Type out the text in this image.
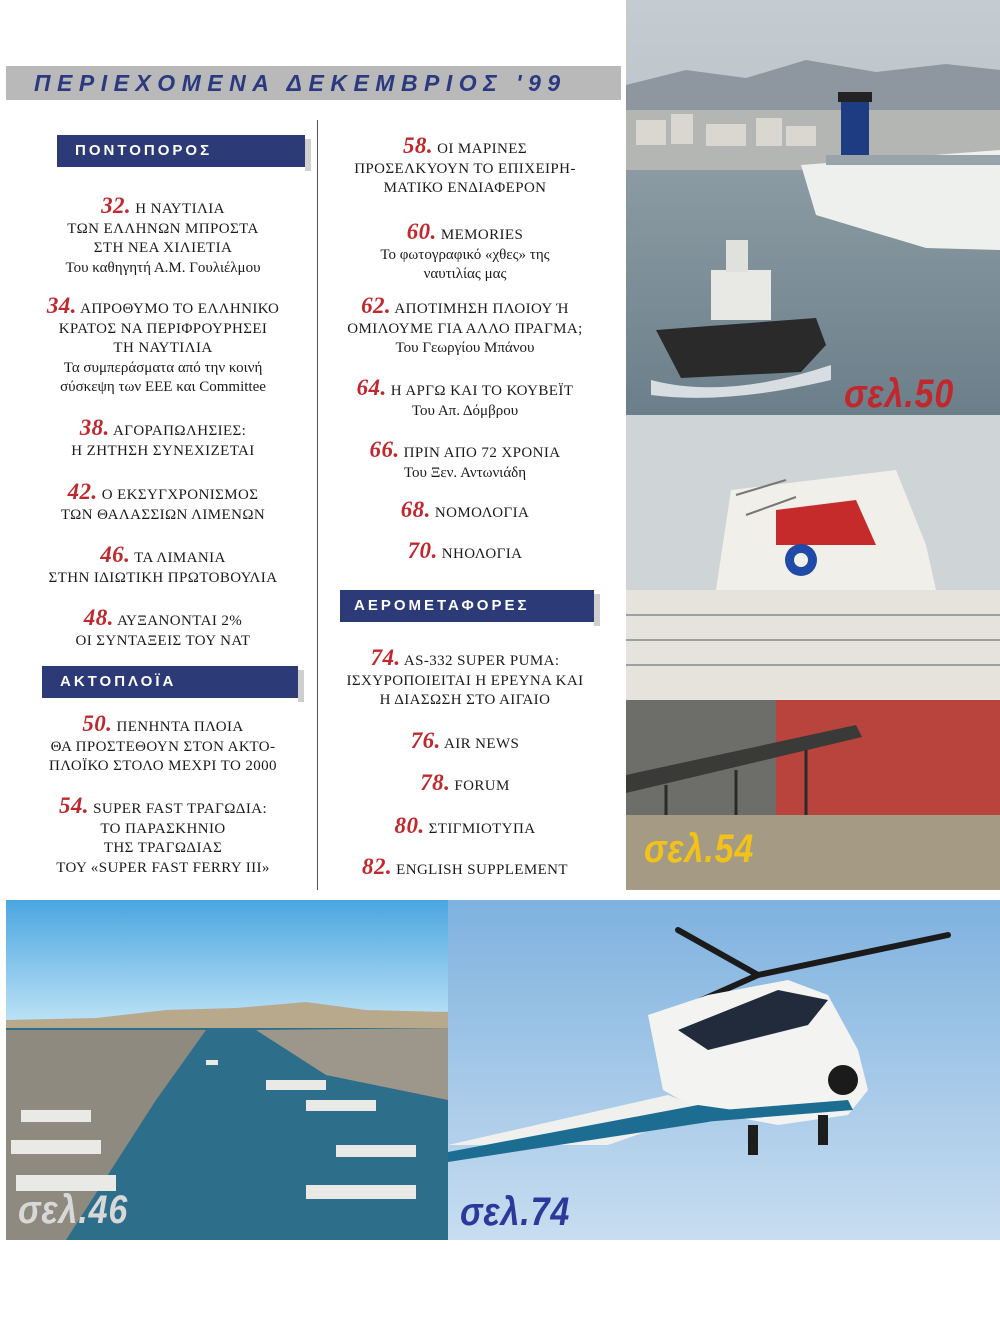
ΠΕΡΙΕΧΟΜΕΝΑ ΔΕΚΕΜΒΡΙΟΣ '99
ΠΟΝΤΟΠΟΡΟΣ
ΑΚΤΟΠΛΟΪΑ
ΑΕΡΟΜΕΤΑΦΟΡΕΣ
32. Η ΝΑΥΤΙΛΙΑ
ΤΩΝ ΕΛΛΗΝΩΝ ΜΠΡΟΣΤΑ
ΣΤΗ ΝΕΑ ΧΙΛΙΕΤΙΑ
Του καθηγητή Α.Μ. Γουλιέλμου
34. ΑΠΡΟΘΥΜΟ ΤΟ ΕΛΛΗΝΙΚΟ
ΚΡΑΤΟΣ ΝΑ ΠΕΡΙΦΡΟΥΡΗΣΕΙ
ΤΗ ΝΑΥΤΙΛΙΑ
Τα συμπεράσματα από την κοινή
σύσκεψη των ΕΕΕ και Committee
38. ΑΓΟΡΑΠΩΛΗΣΙΕΣ:
Η ΖΗΤΗΣΗ ΣΥΝΕΧΙΖΕΤΑΙ
42. Ο ΕΚΣΥΓΧΡΟΝΙΣΜΟΣ
ΤΩΝ ΘΑΛΑΣΣΙΩΝ ΛΙΜΕΝΩΝ
46. ΤΑ ΛΙΜΑΝΙΑ
ΣΤΗΝ ΙΔΙΩΤΙΚΗ ΠΡΩΤΟΒΟΥΛΙΑ
48. ΑΥΞΑΝΟΝΤΑΙ 2%
ΟΙ ΣΥΝΤΑΞΕΙΣ ΤΟΥ ΝΑΤ
50. ΠΕΝΗΝΤΑ ΠΛΟΙΑ
ΘΑ ΠΡΟΣΤΕΘΟΥΝ ΣΤΟΝ ΑΚΤΟ-
ΠΛΟΪΚΟ ΣΤΟΛΟ ΜΕΧΡΙ ΤΟ 2000
54. SUPER FAST ΤΡΑΓΩΔΙΑ:
ΤΟ ΠΑΡΑΣΚΗΝΙΟ
ΤΗΣ ΤΡΑΓΩΔΙΑΣ
ΤΟΥ «SUPER FAST FERRY III»
58. ΟΙ ΜΑΡΙΝΕΣ
ΠΡΟΣΕΛΚΥΟΥΝ ΤΟ ΕΠΙΧΕΙΡΗ-
ΜΑΤΙΚΟ ΕΝΔΙΑΦΕΡΟΝ
60. MEMORIES
Το φωτογραφικό «χθες» της
ναυτιλίας μας
62. ΑΠΟΤΙΜΗΣΗ ΠΛΟΙΟΥ Ή
ΟΜΙΛΟΥΜΕ ΓΙΑ ΑΛΛΟ ΠΡΑΓΜΑ;
Του Γεωργίου Μπάνου
64. Η ΑΡΓΩ ΚΑΙ ΤΟ ΚΟΥΒΕΪΤ
Του Απ. Δόμβρου
66. ΠΡΙΝ ΑΠΟ 72 ΧΡΟΝΙΑ
Του Ξεν. Αντωνιάδη
68. ΝΟΜΟΛΟΓΙΑ
70. ΝΗΟΛΟΓΙΑ
74. AS-332 SUPER PUMA:
ΙΣΧΥΡΟΠΟΙΕΙΤΑΙ Η ΕΡΕΥΝΑ ΚΑΙ
Η ΔΙΑΣΩΣΗ ΣΤΟ ΑΙΓΑΙΟ
76. AIR NEWS
78. FORUM
80. ΣΤΙΓΜΙΟΤΥΠΑ
82. ENGLISH SUPPLEMENT
σελ.50
σελ.54
σελ.46	σελ.74
